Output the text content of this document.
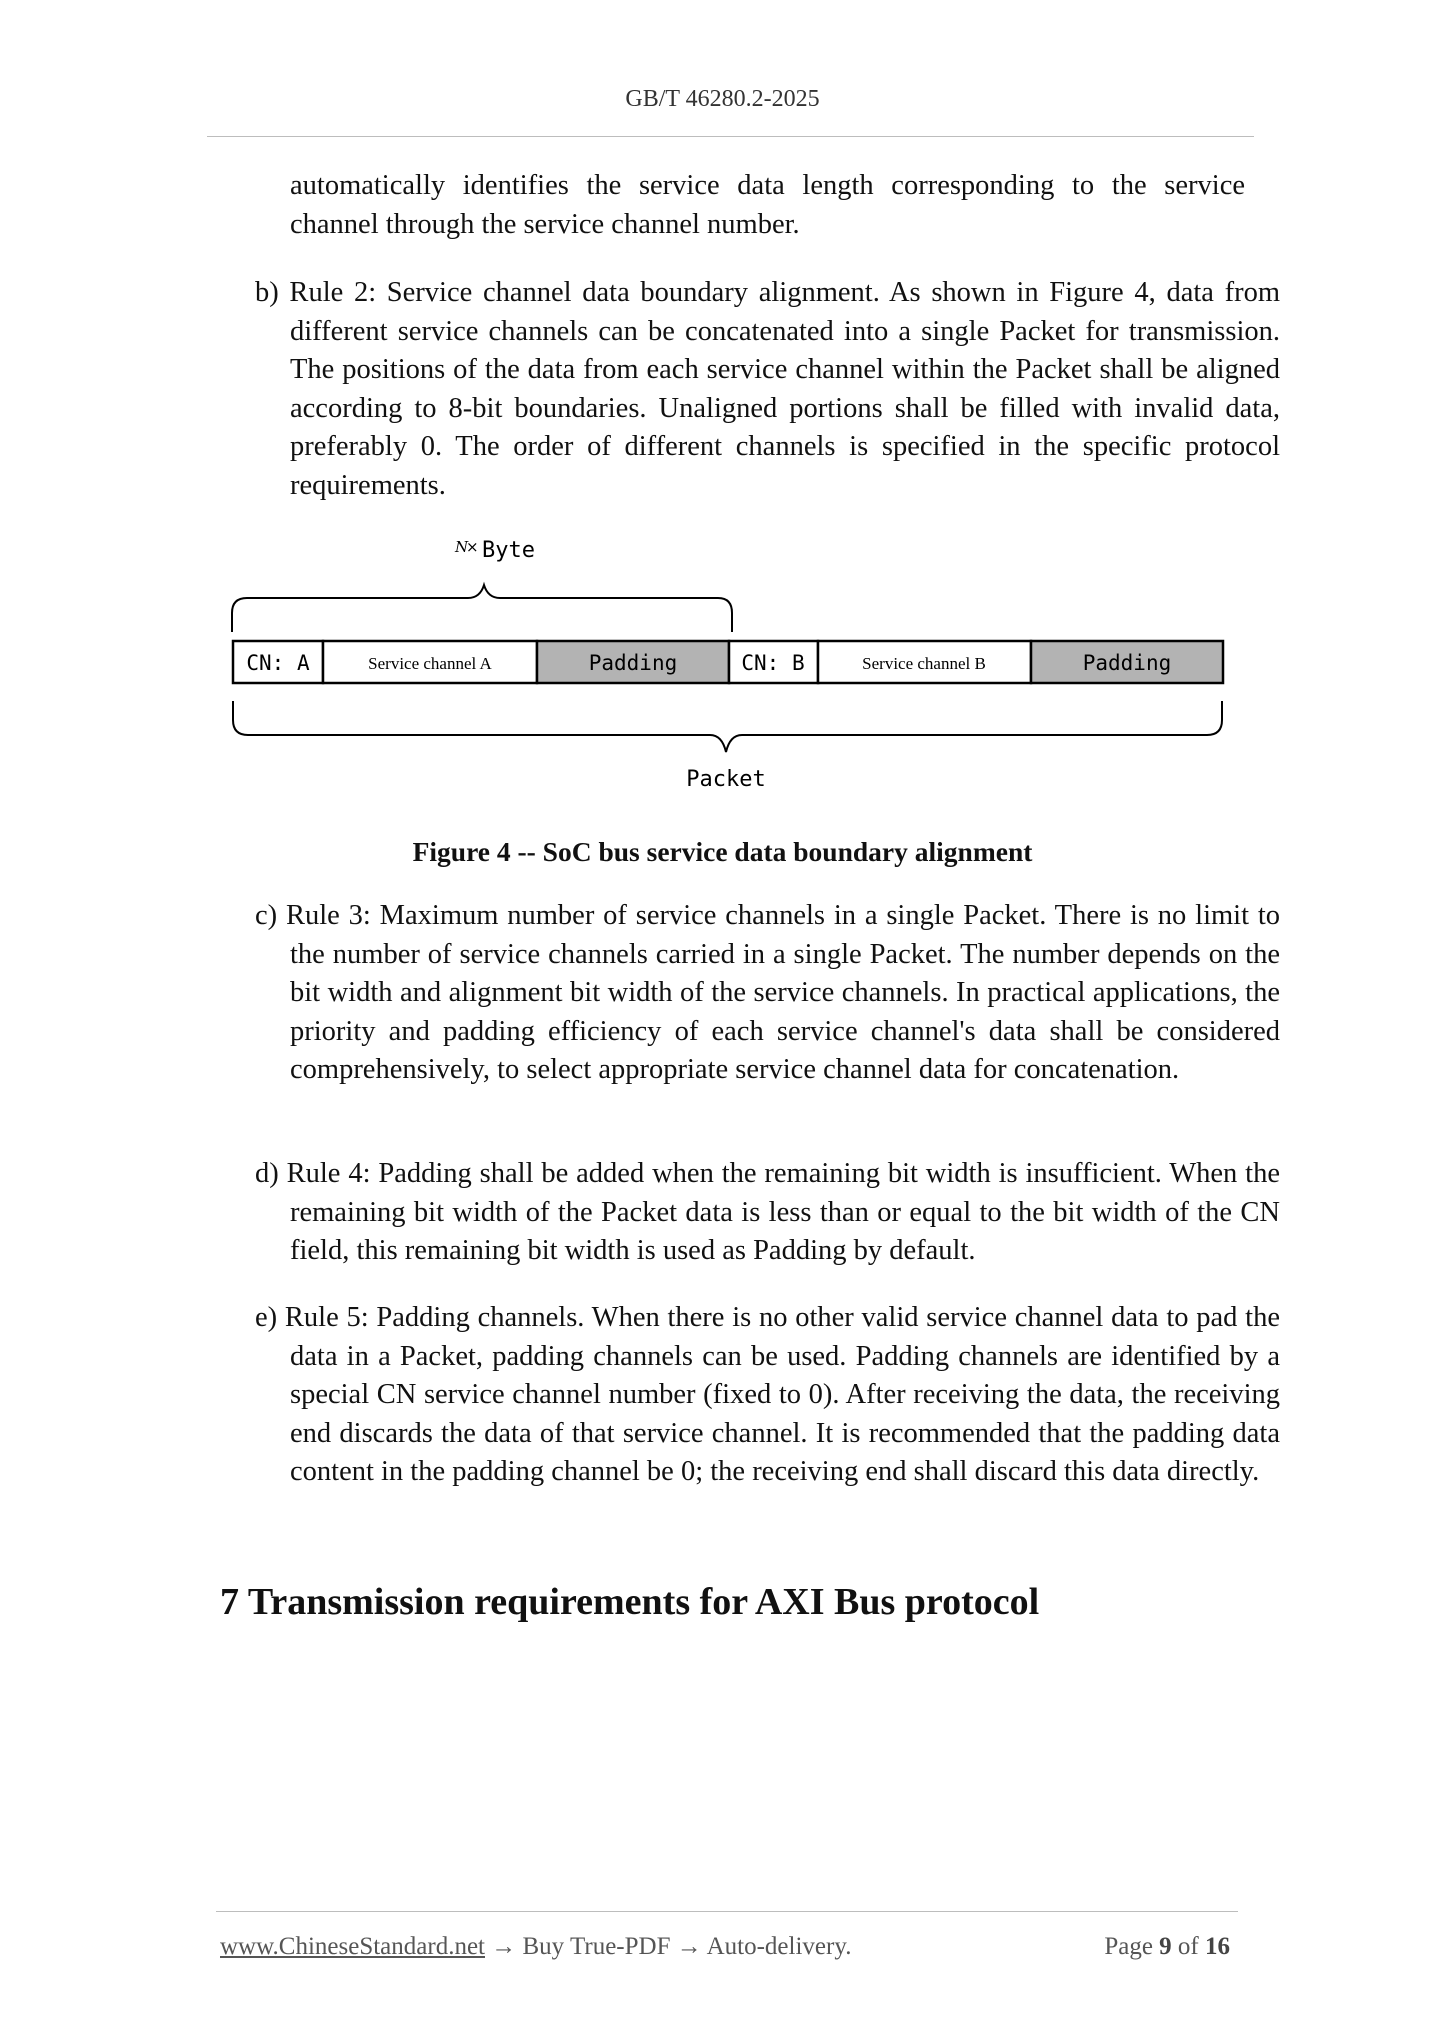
GB/T 46280.2-2025

automatically identifies the service data length corresponding to the service channel through the service channel number.

b) Rule 2: Service channel data boundary alignment. As shown in Figure 4, data from different service channels can be concatenated into a single Packet for transmission. The positions of the data from each service channel within the Packet shall be aligned according to 8-bit boundaries. Unaligned portions shall be filled with invalid data, preferably 0. The order of different channels is specified in the specific protocol requirements.

N
× Byte
CN: A	Service channel A	Padding	CN: B	Service channel B	Padding
Packet
Figure 4 -- SoC bus service data boundary alignment

c) Rule 3: Maximum number of service channels in a single Packet. There is no limit to the number of service channels carried in a single Packet. The number depends on the bit width and alignment bit width of the service channels. In practical applications, the priority and padding efficiency of each service channel's data shall be considered comprehensively, to select appropriate service channel data for concatenation.

d) Rule 4: Padding shall be added when the remaining bit width is insufficient. When the remaining bit width of the Packet data is less than or equal to the bit width of the CN field, this remaining bit width is used as Padding by default.

e) Rule 5: Padding channels. When there is no other valid service channel data to pad the data in a Packet, padding channels can be used. Padding channels are identified by a special CN service channel number (fixed to 0). After receiving the data, the receiving end discards the data of that service channel. It is recommended that the padding data content in the padding channel be 0; the receiving end shall discard this data directly.

7 Transmission requirements for AXI Bus protocol
www.ChineseStandard.net → Buy True-PDF → Auto-delivery.	Page 9 of 16
